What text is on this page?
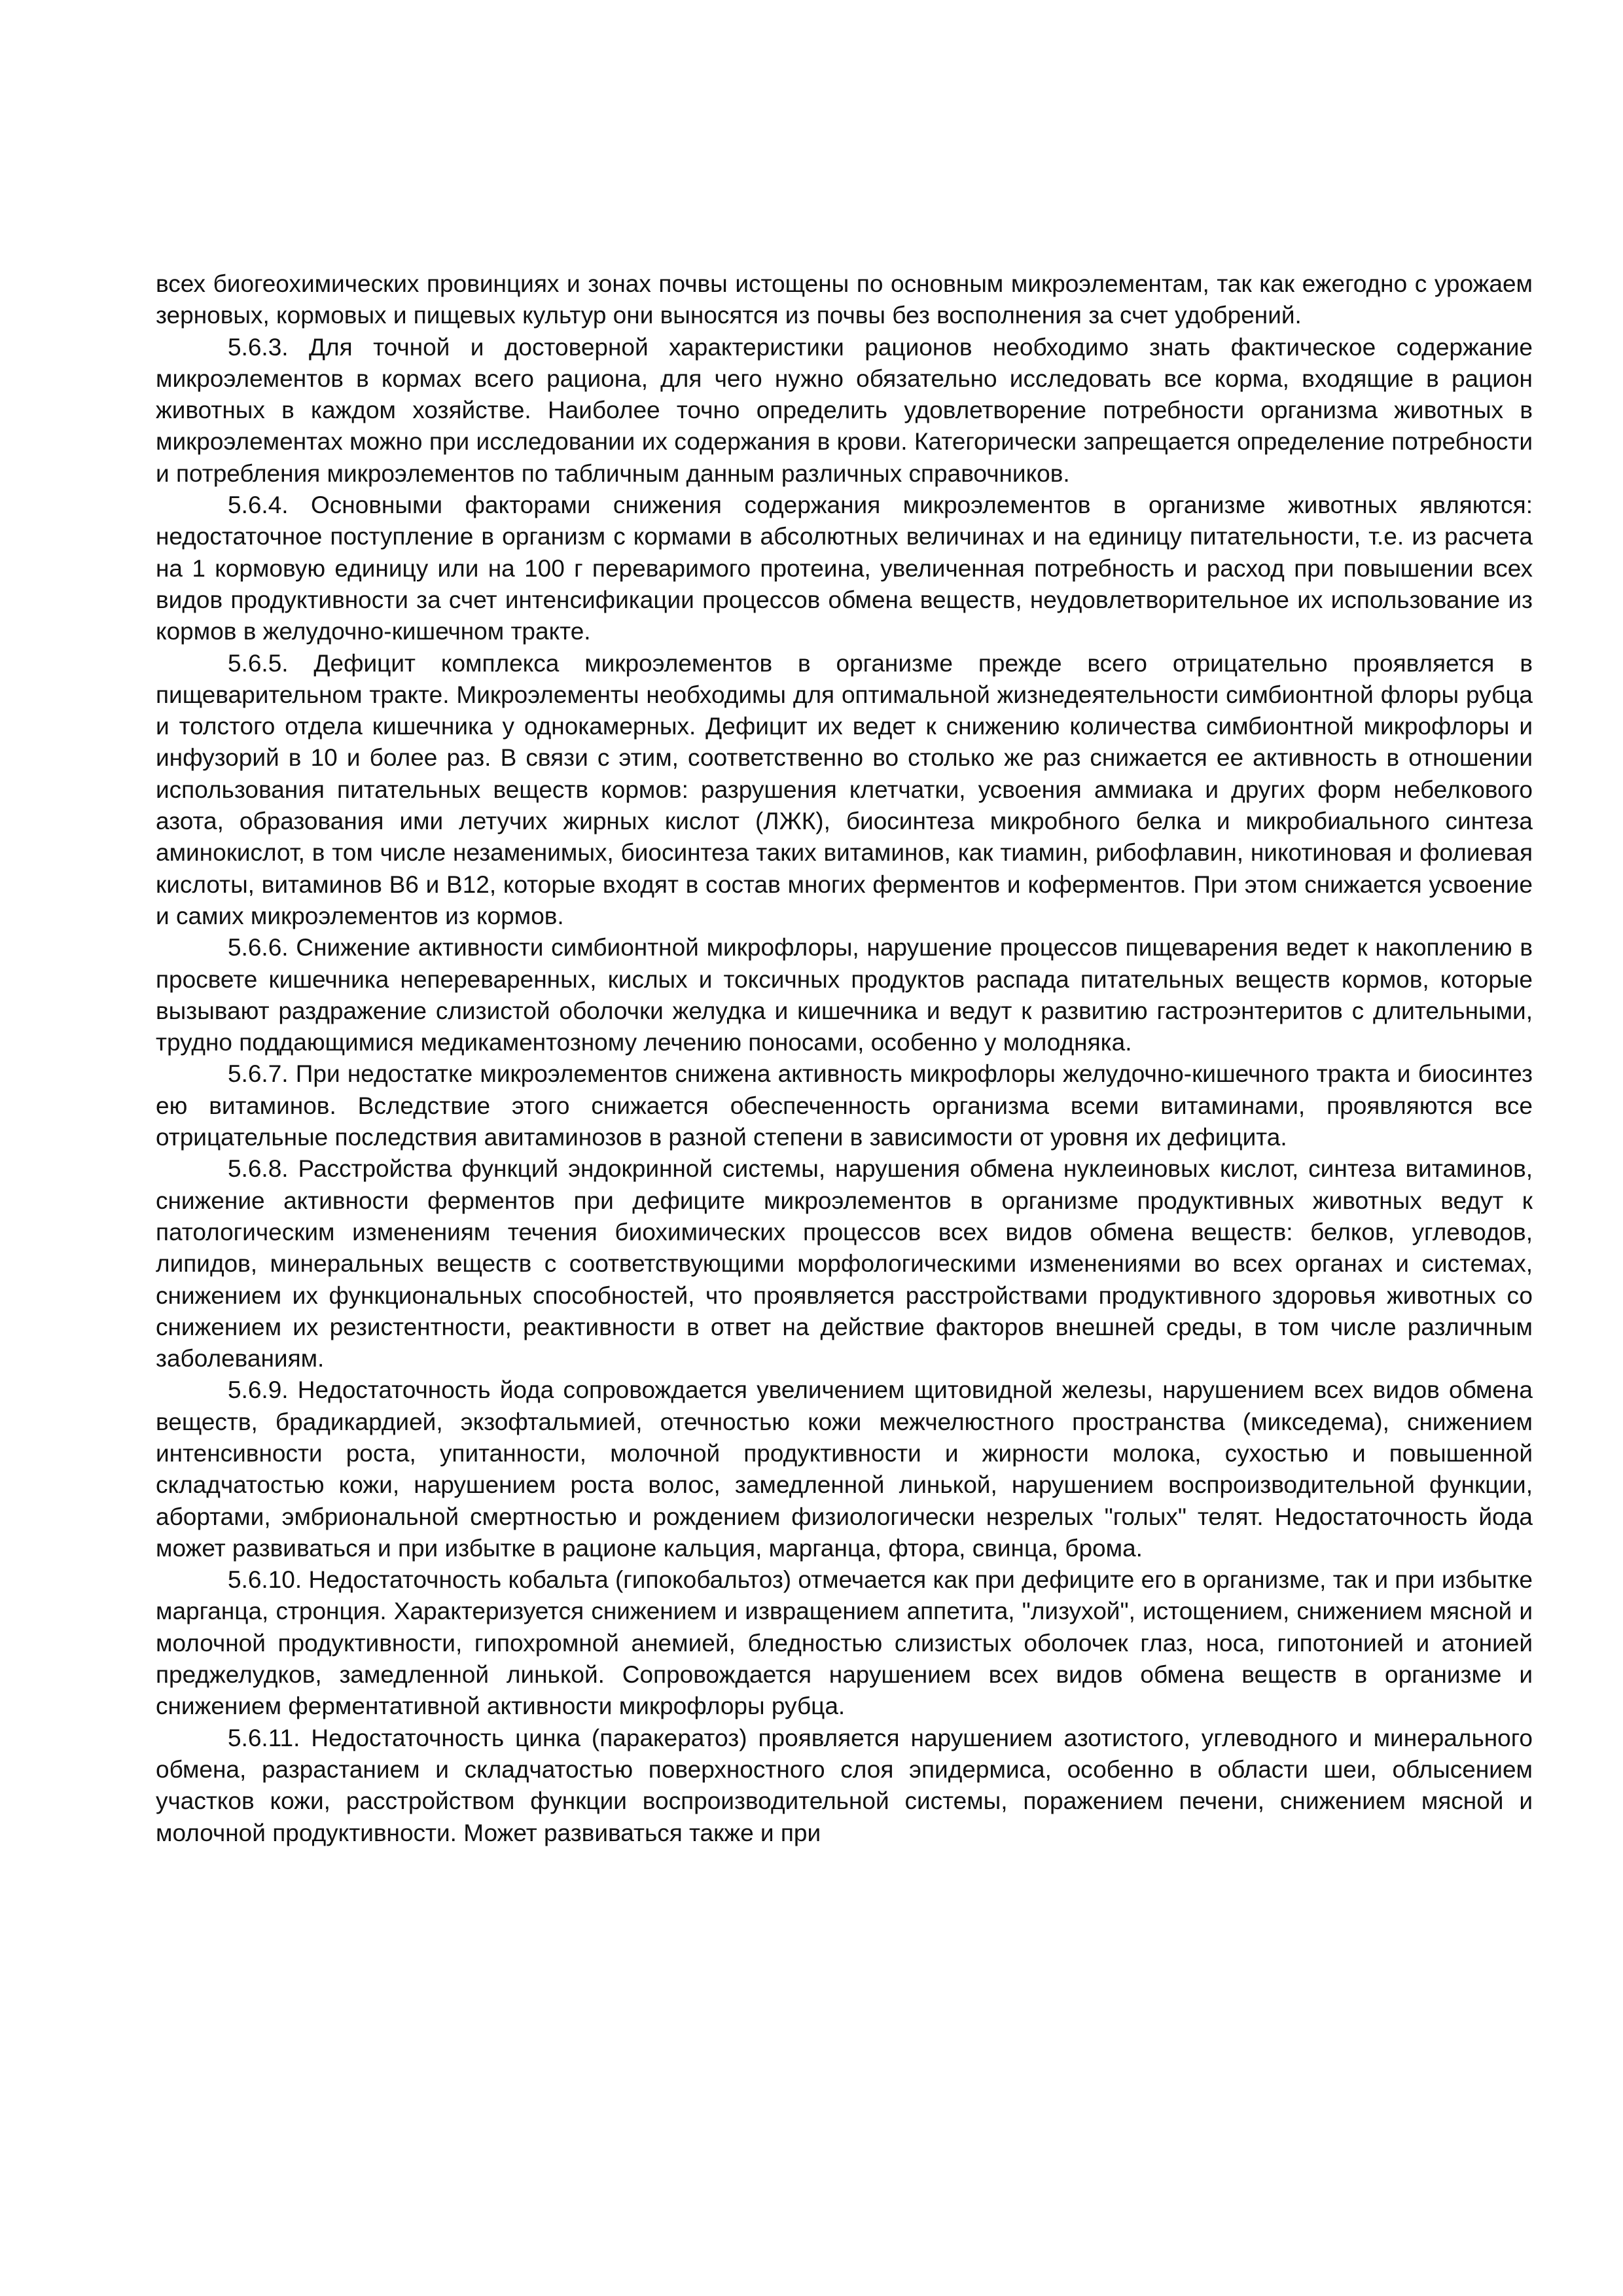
всех биогеохимических провинциях и зонах почвы истощены по основным микроэлементам, так как ежегодно с урожаем зерновых, кормовых и пищевых культур они выносятся из почвы без восполнения за счет удобрений.

5.6.3. Для точной и достоверной характеристики рационов необходимо знать фактическое содержание микроэлементов в кормах всего рациона, для чего нужно обязательно исследовать все корма, входящие в рацион животных в каждом хозяйстве. Наиболее точно определить удовлетворение потребности организма животных в микроэлементах можно при исследовании их содержания в крови. Категорически запрещается определение потребности и потребления микроэлементов по табличным данным различных справочников.

5.6.4. Основными факторами снижения содержания микроэлементов в организме животных являются: недостаточное поступление в организм с кормами в абсолютных величинах и на единицу питательности, т.е. из расчета на 1 кормовую единицу или на 100 г переваримого протеина, увеличенная потребность и расход при повышении всех видов продуктивности за счет интенсификации процессов обмена веществ, неудовлетворительное их использование из кормов в желудочно-кишечном тракте.

5.6.5. Дефицит комплекса микроэлементов в организме прежде всего отрицательно проявляется в пищеварительном тракте. Микроэлементы необходимы для оптимальной жизнедеятельности симбионтной флоры рубца и толстого отдела кишечника у однокамерных. Дефицит их ведет к снижению количества симбионтной микрофлоры и инфузорий в 10 и более раз. В связи с этим, соответственно во столько же раз снижается ее активность в отношении использования питательных веществ кормов: разрушения клетчатки, усвоения аммиака и других форм небелкового азота, образования ими летучих жирных кислот (ЛЖК), биосинтеза микробного белка и микробиального синтеза аминокислот, в том числе незаменимых, биосинтеза таких витаминов, как тиамин, рибофлавин, никотиновая и фолиевая кислоты, витаминов В6 и В12, которые входят в состав многих ферментов и коферментов. При этом снижается усвоение и самих микроэлементов из кормов.

5.6.6. Снижение активности симбионтной микрофлоры, нарушение процессов пищеварения ведет к накоплению в просвете кишечника непереваренных, кислых и токсичных продуктов распада питательных веществ кормов, которые вызывают раздражение слизистой оболочки желудка и кишечника и ведут к развитию гастроэнтеритов с длительными, трудно поддающимися медикаментозному лечению поносами, особенно у молодняка.

5.6.7. При недостатке микроэлементов снижена активность микрофлоры желудочно-кишечного тракта и биосинтез ею витаминов. Вследствие этого снижается обеспеченность организма всеми витаминами, проявляются все отрицательные последствия авитаминозов в разной степени в зависимости от уровня их дефицита.

5.6.8. Расстройства функций эндокринной системы, нарушения обмена нуклеиновых кислот, синтеза витаминов, снижение активности ферментов при дефиците микроэлементов в организме продуктивных животных ведут к патологическим изменениям течения биохимических процессов всех видов обмена веществ: белков, углеводов, липидов, минеральных веществ с соответствующими морфологическими изменениями во всех органах и системах, снижением их функциональных способностей, что проявляется расстройствами продуктивного здоровья животных со снижением их резистентности, реактивности в ответ на действие факторов внешней среды, в том числе различным заболеваниям.

5.6.9. Недостаточность йода сопровождается увеличением щитовидной железы, нарушением всех видов обмена веществ, брадикардией, экзофтальмией, отечностью кожи межчелюстного пространства (микседема), снижением интенсивности роста, упитанности, молочной продуктивности и жирности молока, сухостью и повышенной складчатостью кожи, нарушением роста волос, замедленной линькой, нарушением воспроизводительной функции, абортами, эмбриональной смертностью и рождением физиологически незрелых "голых" телят. Недостаточность йода может развиваться и при избытке в рационе кальция, марганца, фтора, свинца, брома.

5.6.10. Недостаточность кобальта (гипокобальтоз) отмечается как при дефиците его в организме, так и при избытке марганца, стронция. Характеризуется снижением и извращением аппетита, "лизухой", истощением, снижением мясной и молочной продуктивности, гипохромной анемией, бледностью слизистых оболочек глаз, носа, гипотонией и атонией преджелудков, замедленной линькой. Сопровождается нарушением всех видов обмена веществ в организме и снижением ферментативной активности микрофлоры рубца.

5.6.11. Недостаточность цинка (паракератоз) проявляется нарушением азотистого, углеводного и минерального обмена, разрастанием и складчатостью поверхностного слоя эпидермиса, особенно в области шеи, облысением участков кожи, расстройством функции воспроизводительной системы, поражением печени, снижением мясной и молочной продуктивности. Может развиваться также и при
